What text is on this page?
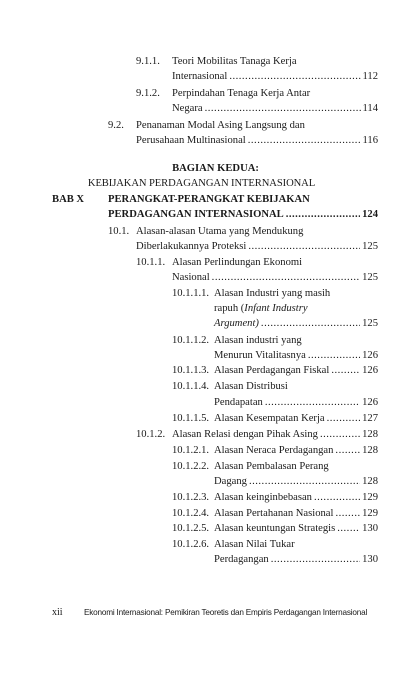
9.1.1. Teori Mobilitas Tanaga Kerja
Internasional .....	112
9.1.2. Perpindahan Tenaga Kerja Antar
Negara .....	114
9.2. Penanaman Modal Asing Langsung dan
Perusahaan Multinasional .....	116
BAGIAN KEDUA:
KEBIJAKAN PERDAGANGAN INTERNASIONAL
BAB X PERANGKAT-PERANGKAT KEBIJAKAN
PERDAGANGAN INTERNASIONAL .....	124
10.1. Alasan-alasan Utama yang Mendukung
Diberlakukannya Proteksi .....	125
10.1.1. Alasan Perlindungan Ekonomi
Nasional .....	125
10.1.1.1. Alasan Industri yang masih
rapuh (Infant Industry
Argument) .....	125
10.1.1.2. Alasan industri yang
Menurun Vitalitasnya .....	126
10.1.1.3. Alasan Perdagangan Fiskal .....	126
10.1.1.4. Alasan Distribusi
Pendapatan .....	126
10.1.1.5. Alasan Kesempatan Kerja .....	127
10.1.2. Alasan Relasi dengan Pihak Asing .....	128
10.1.2.1. Alasan Neraca Perdagangan .....	128
10.1.2.2. Alasan Pembalasan Perang
Dagang .....	128
10.1.2.3. Alasan keinginbebasan .....	129
10.1.2.4. Alasan Pertahanan Nasional .....	129
10.1.2.5. Alasan keuntungan Strategis .....	130
10.1.2.6. Alasan Nilai Tukar
Perdagangan .....	130
xii	Ekonomi Internasional: Pemikiran Teoretis dan Empiris Perdagangan Internasional
